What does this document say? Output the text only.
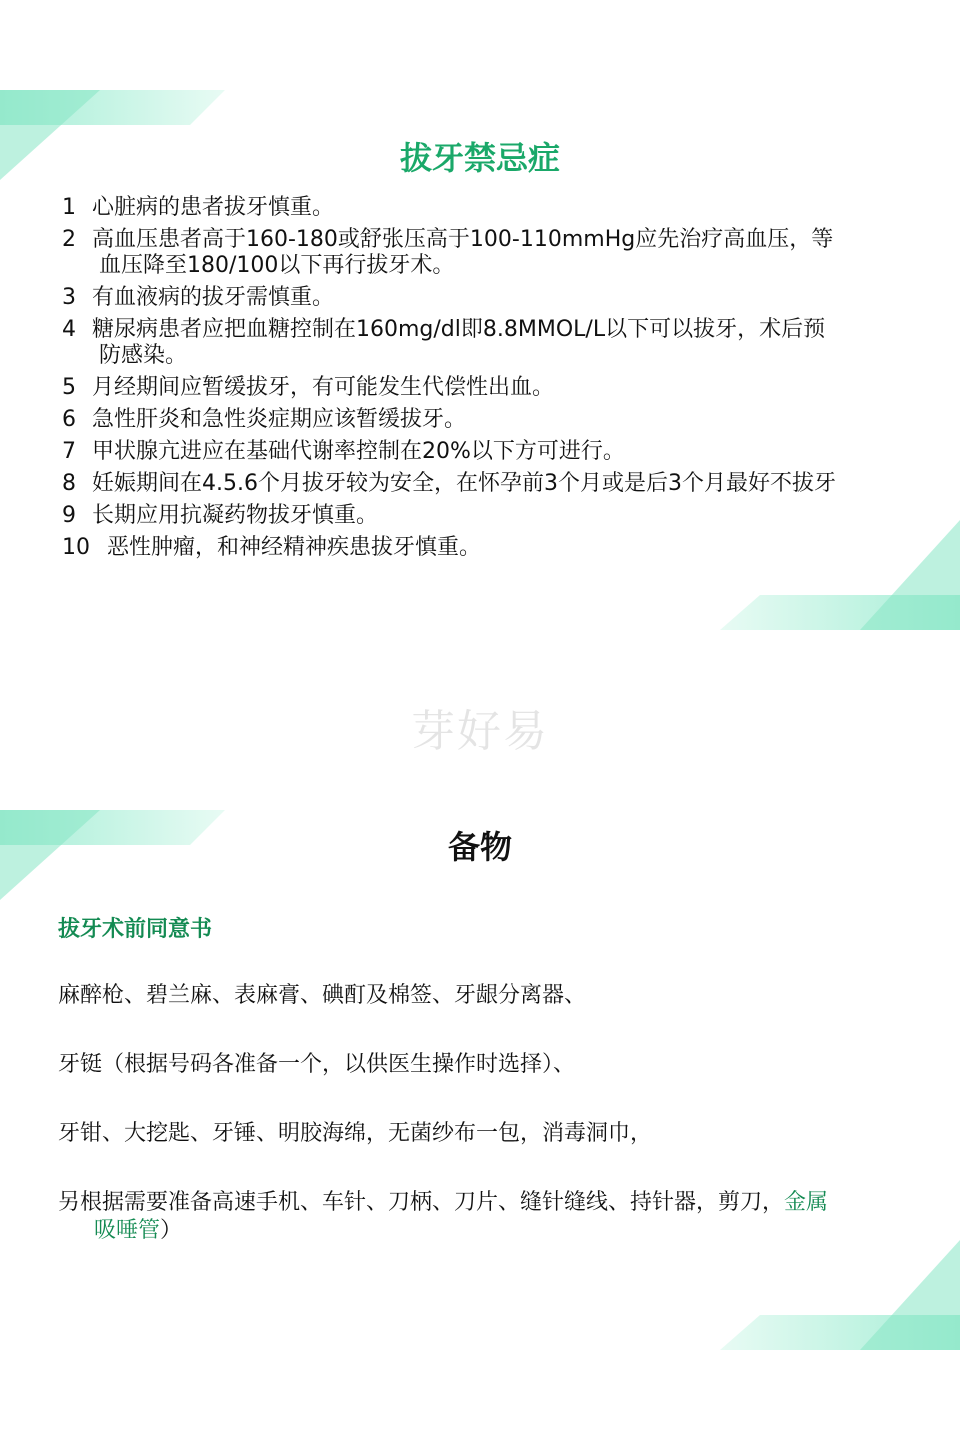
拔牙禁忌症
1 心脏病的患者拔牙慎重。
2 高血压患者高于160-180或舒张压高于100-110mmHg应先治疗高血压，等
血压降至180/100以下再行拔牙术。
3 有血液病的拔牙需慎重。
4 糖尿病患者应把血糖控制在160mg/dl即8.8MMOL/L以下可以拔牙，术后预
防感染。
5 月经期间应暂缓拔牙，有可能发生代偿性出血。
6 急性肝炎和急性炎症期应该暂缓拔牙。
7 甲状腺亢进应在基础代谢率控制在20%以下方可进行。
8 妊娠期间在4.5.6个月拔牙较为安全，在怀孕前3个月或是后3个月最好不拔牙
9 长期应用抗凝药物拔牙慎重。
10 恶性肿瘤，和神经精神疾患拔牙慎重。
芽好易
备物
拔牙术前同意书

麻醉枪、碧兰麻、表麻膏、碘酊及棉签、牙龈分离器、

牙铤（根据号码各准备一个，以供医生操作时选择）、

牙钳、大挖匙、牙锤、明胶海绵，无菌纱布一包，消毒洞巾，

另根据需要准备高速手机、车针、刀柄、刀片、缝针缝线、持针器，剪刀，金属
吸唾管）
